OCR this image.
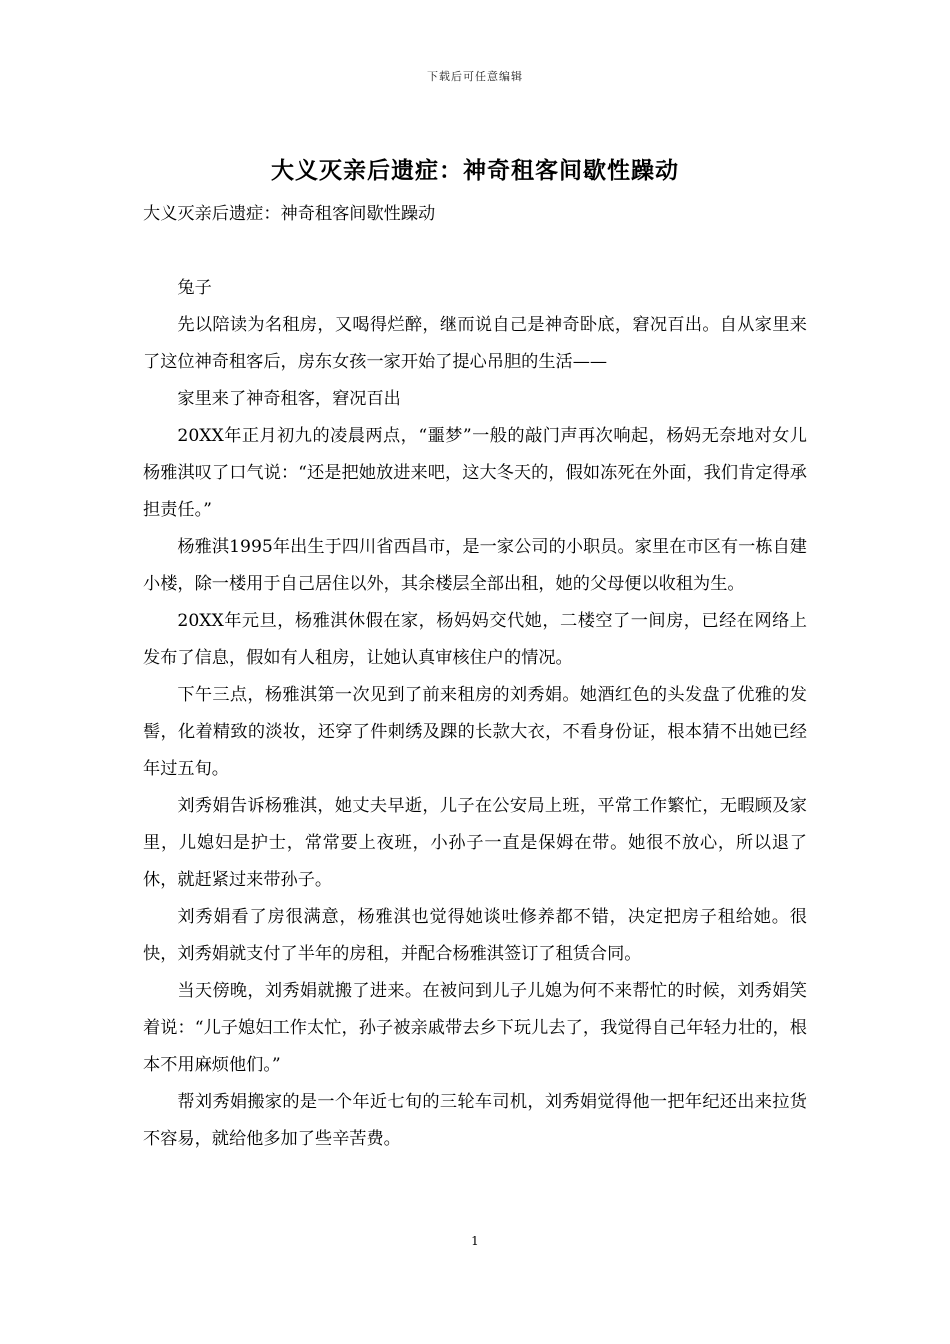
下载后可任意编辑
大义灭亲后遗症：神奇租客间歇性躁动

大义灭亲后遗症：神奇租客间歇性躁动

兔子

先以陪读为名租房，又喝得烂醉，继而说自己是神奇卧底，窘况百出。自从家里来了这位神奇租客后，房东女孩一家开始了提心吊胆的生活——

家里来了神奇租客，窘况百出

20XX年正月初九的凌晨两点，“噩梦”一般的敲门声再次响起，杨妈无奈地对女儿杨雅淇叹了口气说：“还是把她放进来吧，这大冬天的，假如冻死在外面，我们肯定得承担责任。”

杨雅淇1995年出生于四川省西昌市，是一家公司的小职员。家里在市区有一栋自建小楼，除一楼用于自己居住以外，其余楼层全部出租，她的父母便以收租为生。

20XX年元旦，杨雅淇休假在家，杨妈妈交代她，二楼空了一间房，已经在网络上发布了信息，假如有人租房，让她认真审核住户的情况。

下午三点，杨雅淇第一次见到了前来租房的刘秀娟。她酒红色的头发盘了优雅的发髻，化着精致的淡妆，还穿了件刺绣及踝的长款大衣，不看身份证，根本猜不出她已经年过五旬。

刘秀娟告诉杨雅淇，她丈夫早逝，儿子在公安局上班，平常工作繁忙，无暇顾及家里，儿媳妇是护士，常常要上夜班，小孙子一直是保姆在带。她很不放心，所以退了休，就赶紧过来带孙子。

刘秀娟看了房很满意，杨雅淇也觉得她谈吐修养都不错，决定把房子租给她。很快，刘秀娟就支付了半年的房租，并配合杨雅淇签订了租赁合同。

当天傍晚，刘秀娟就搬了进来。在被问到儿子儿媳为何不来帮忙的时候，刘秀娟笑着说：“儿子媳妇工作太忙，孙子被亲戚带去乡下玩儿去了，我觉得自己年轻力壮的，根本不用麻烦他们。”

帮刘秀娟搬家的是一个年近七旬的三轮车司机，刘秀娟觉得他一把年纪还出来拉货不容易，就给他多加了些辛苦费。

1
